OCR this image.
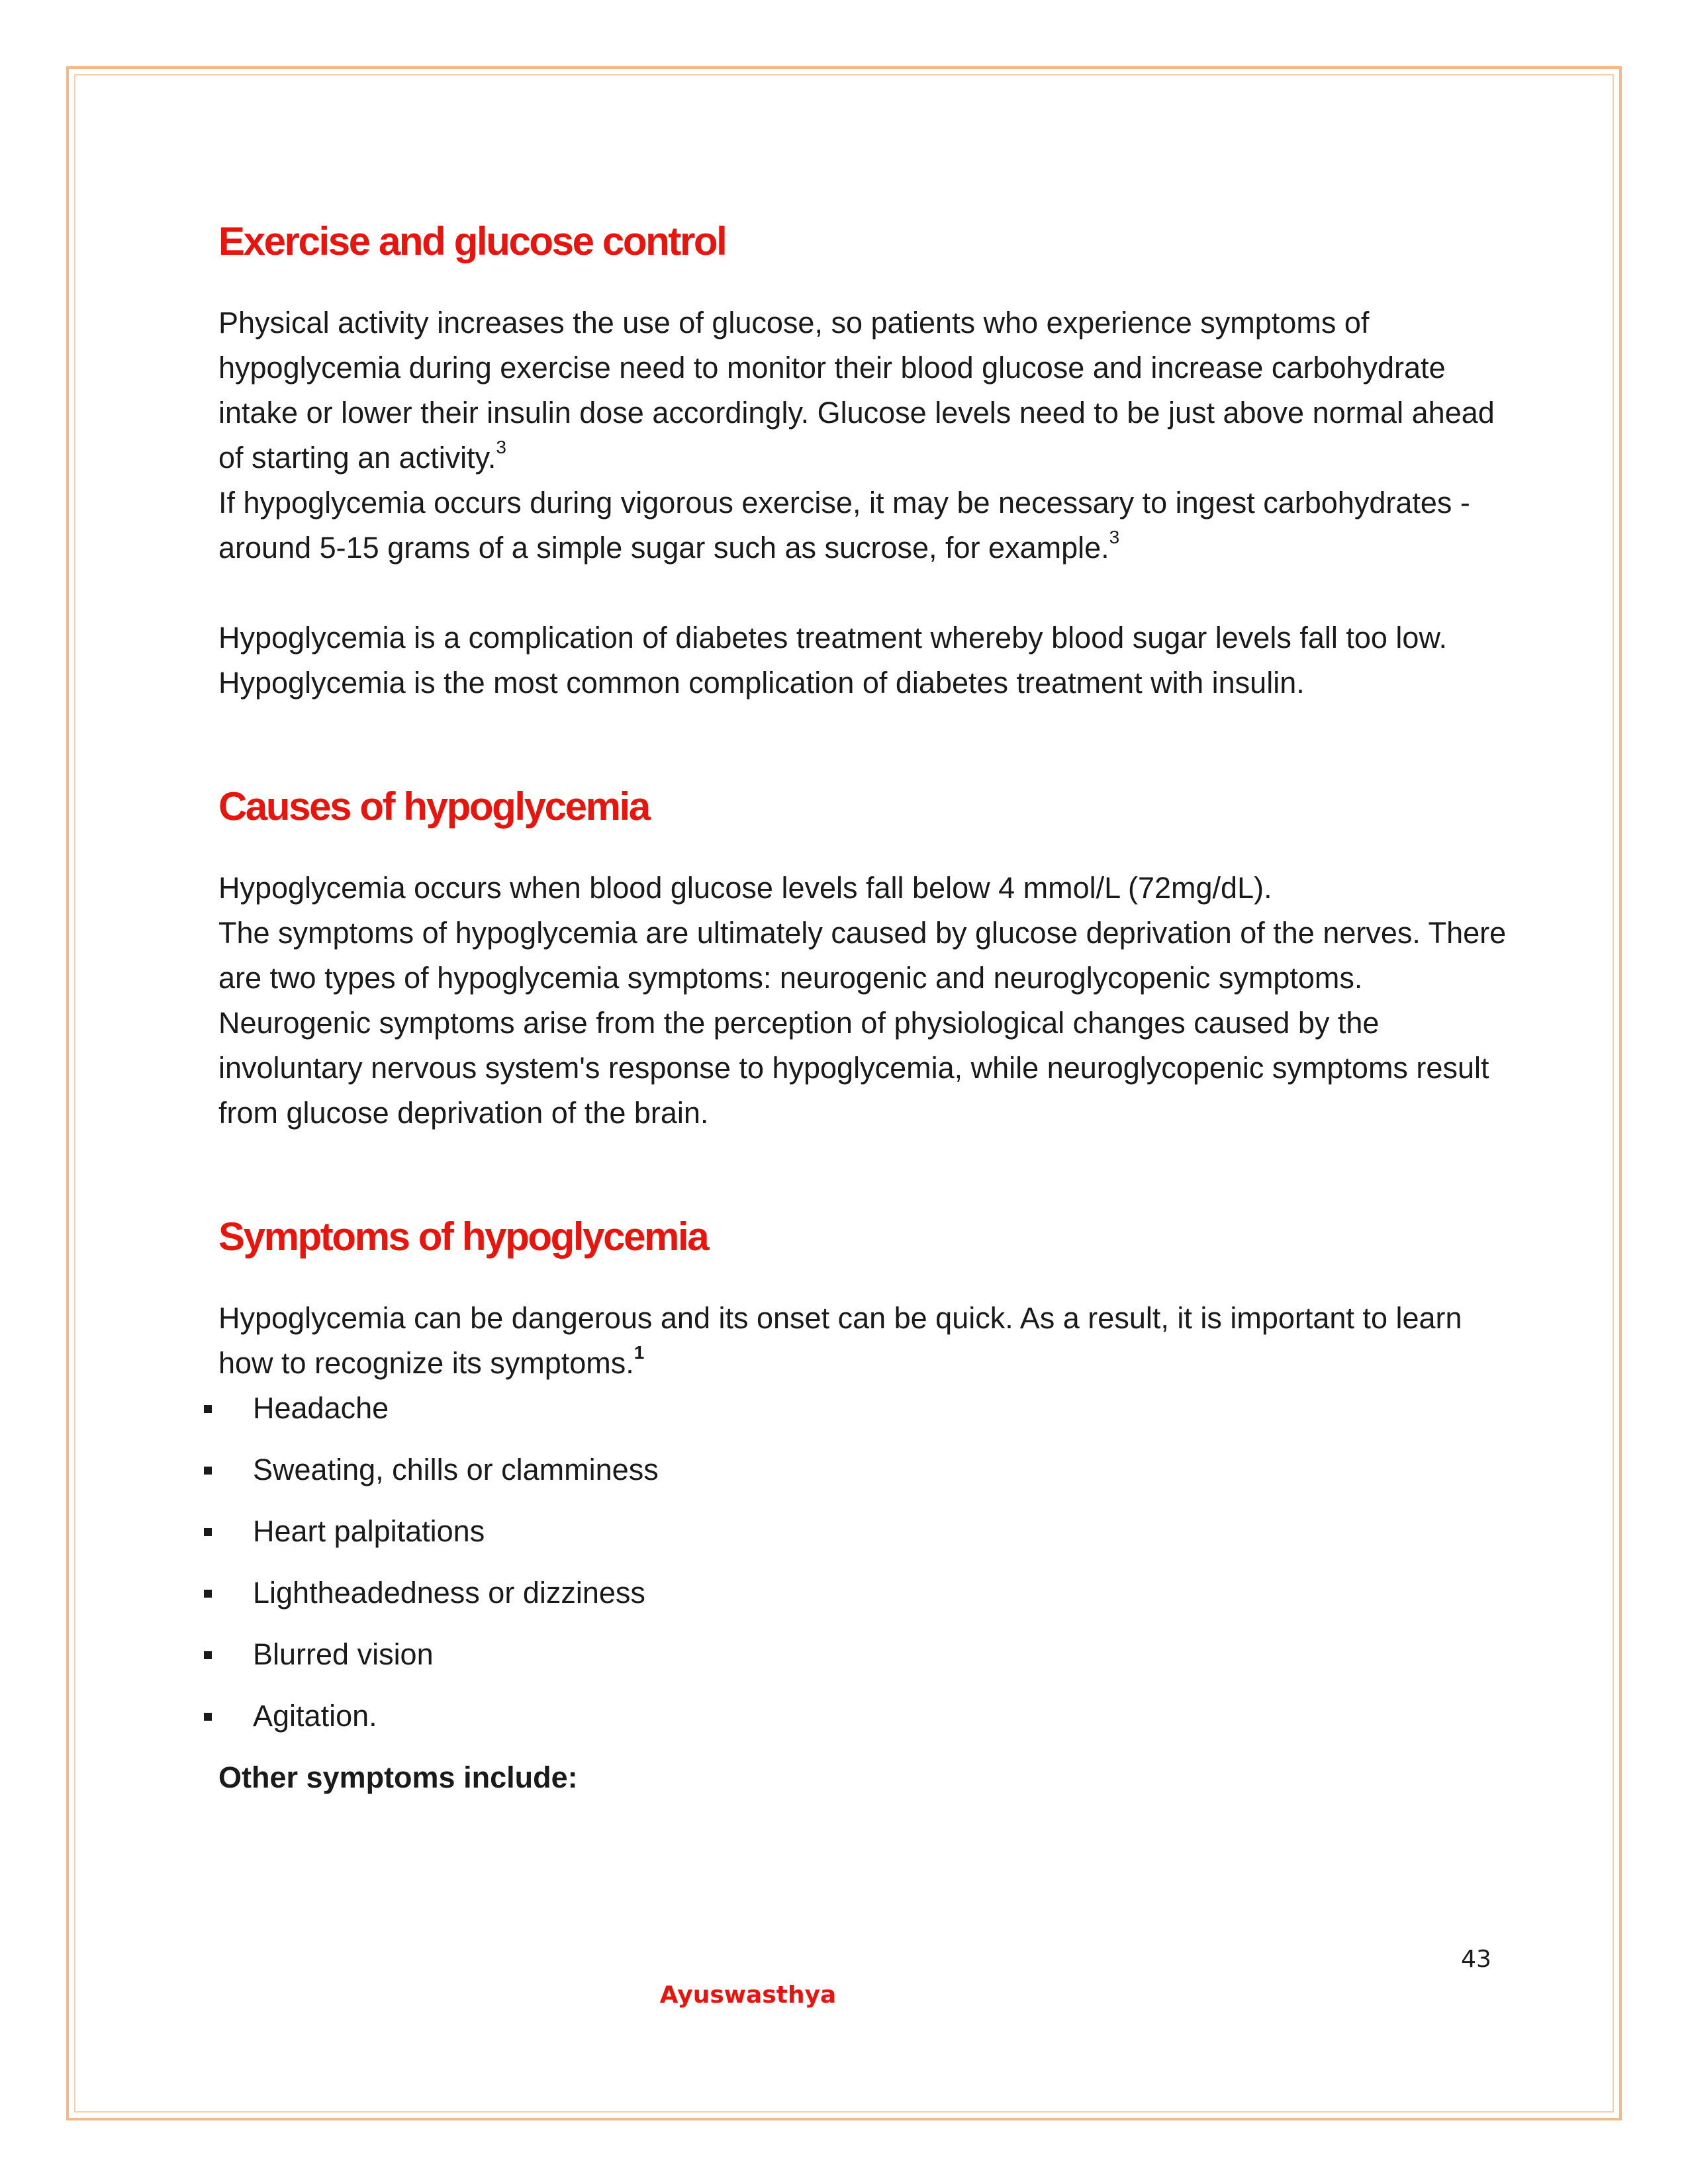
Exercise and glucose control

Physical activity increases the use of glucose, so patients who experience symptoms of hypoglycemia during exercise need to monitor their blood glucose and increase carbohydrate intake or lower their insulin dose accordingly. Glucose levels need to be just above normal ahead of starting an activity.$^3$

If hypoglycemia occurs during vigorous exercise, it may be necessary to ingest carbohydrates - around 5-15 grams of a simple sugar such as sucrose, for example.$^3$

Hypoglycemia is a complication of diabetes treatment whereby blood sugar levels fall too low.

Hypoglycemia is the most common complication of diabetes treatment with insulin.

Causes of hypoglycemia

Hypoglycemia occurs when blood glucose levels fall below 4 mmol/L (72mg/dL).

The symptoms of hypoglycemia are ultimately caused by glucose deprivation of the nerves. There are two types of hypoglycemia symptoms: neurogenic and neuroglycopenic symptoms.

Neurogenic symptoms arise from the perception of physiological changes caused by the involuntary nervous system's response to hypoglycemia, while neuroglycopenic symptoms result from glucose deprivation of the brain.

Symptoms of hypoglycemia

Hypoglycemia can be dangerous and its onset can be quick. As a result, it is important to learn how to recognize its symptoms.$^1$

Headache
Sweating, chills or clamminess
Heart palpitations
Lightheadedness or dizziness
Blurred vision
Agitation.
Other symptoms include:
43
Ayuswasthya
